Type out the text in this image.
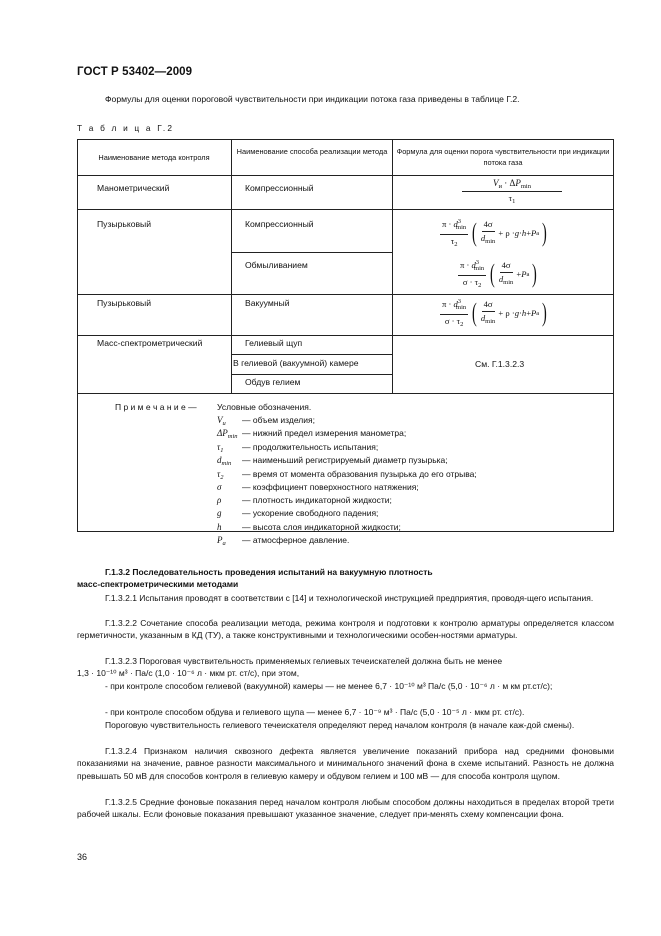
ГОСТ Р 53402—2009
Формулы для оценки пороговой чувствительности при индикации потока газа приведены в таблице Г.2.
Т а б л и ц а Г.2
Наименование метода контроля
Наименование способа реализации метода	Формула для оценки порога чувствительности при индикации потока газа
Манометрический
Пузырьковый
Пузырьковый
Масс-спектрометрический
Компрессионный
Компрессионный
Обмыливанием
Вакуумный
Гелиевый щуп
В гелиевой (вакуумной) камере
Обдув гелием
$V_и \cdot \Delta P_{min}$
$\tau_1$
$\pi \cdot d^3_{min}$
$\tau_2$ ( 4σ
$d_{min}$
+ ρ · g · h + P а )
$\pi \cdot d^3_{min}$
$\sigma \cdot \tau_2$ ( 4σ
$d_{min}$
+ P а )
$\pi \cdot d^3_{min}$
$\sigma \cdot \tau_2$ ( 4σ
$d_{min}$
+ ρ · g · h + P а )
См. Г.1.3.2.3
П р и м е ч а н и е — Условные обозначения.
$V_и$ — объем изделия;
$\Delta P_{min}$ — нижний предел измерения манометра;
$\tau_1$ — продолжительность испытания;
$d_{min}$ — наименьший регистрируемый диаметр пузырька;
$\tau_2$ — время от момента образования пузырька до его отрыва;
σ — коэффициент поверхностного натяжения;
ρ — плотность индикаторной жидкости;
g — ускорение свободного падения;
h — высота слоя индикаторной жидкости;
$P_а$ — атмосферное давление.
Г.1.3.2 Последовательность проведения испытаний на вакуумную плотность
масс-спектрометрическими методами
Г.1.3.2.1 Испытания проводят в соответствии с [14] и технологической инструкцией предприятия, проводя-щего испытания.
Г.1.3.2.2 Сочетание способа реализации метода, режима контроля и подготовки к контролю арматуры определяется классом герметичности, указанным в КД (ТУ), а также конструктивными и технологическими особен-ностями арматуры.
Г.1.3.2.3 Пороговая чувствительность применяемых гелиевых течеискателей должна быть не менее
1,3 · 10⁻¹⁰ м³ · Па/с (1,0 · 10⁻⁶ л · мкм рт. ст/с), при этом,
- при контроле способом гелиевой (вакуумной) камеры — не менее 6,7 · 10⁻¹⁰ м³ Па/с (5,0 · 10⁻⁶ л · м км рт.ст/с);
- при контроле способом обдува и гелиевого щупа — менее 6,7 · 10⁻⁹ м³ · Па/с (5,0 · 10⁻⁵ л · мкм рт. ст/с).
Пороговую чувствительность гелиевого течеискателя определяют перед началом контроля (в начале каж-дой смены).
Г.1.3.2.4 Признаком наличия сквозного дефекта является увеличение показаний прибора над средними фоновыми показаниями на значение, равное разности максимального и минимального значений фона в схеме испытаний. Разность не должна превышать 50 мВ для способов контроля в гелиевую камеру и обдувом гелием и 100 мВ — для способа контроля щупом.
Г.1.3.2.5 Средние фоновые показания перед началом контроля любым способом должны находиться в пределах второй трети рабочей шкалы. Если фоновые показания превышают указанное значение, следует при-менять схему компенсации фона.
36
